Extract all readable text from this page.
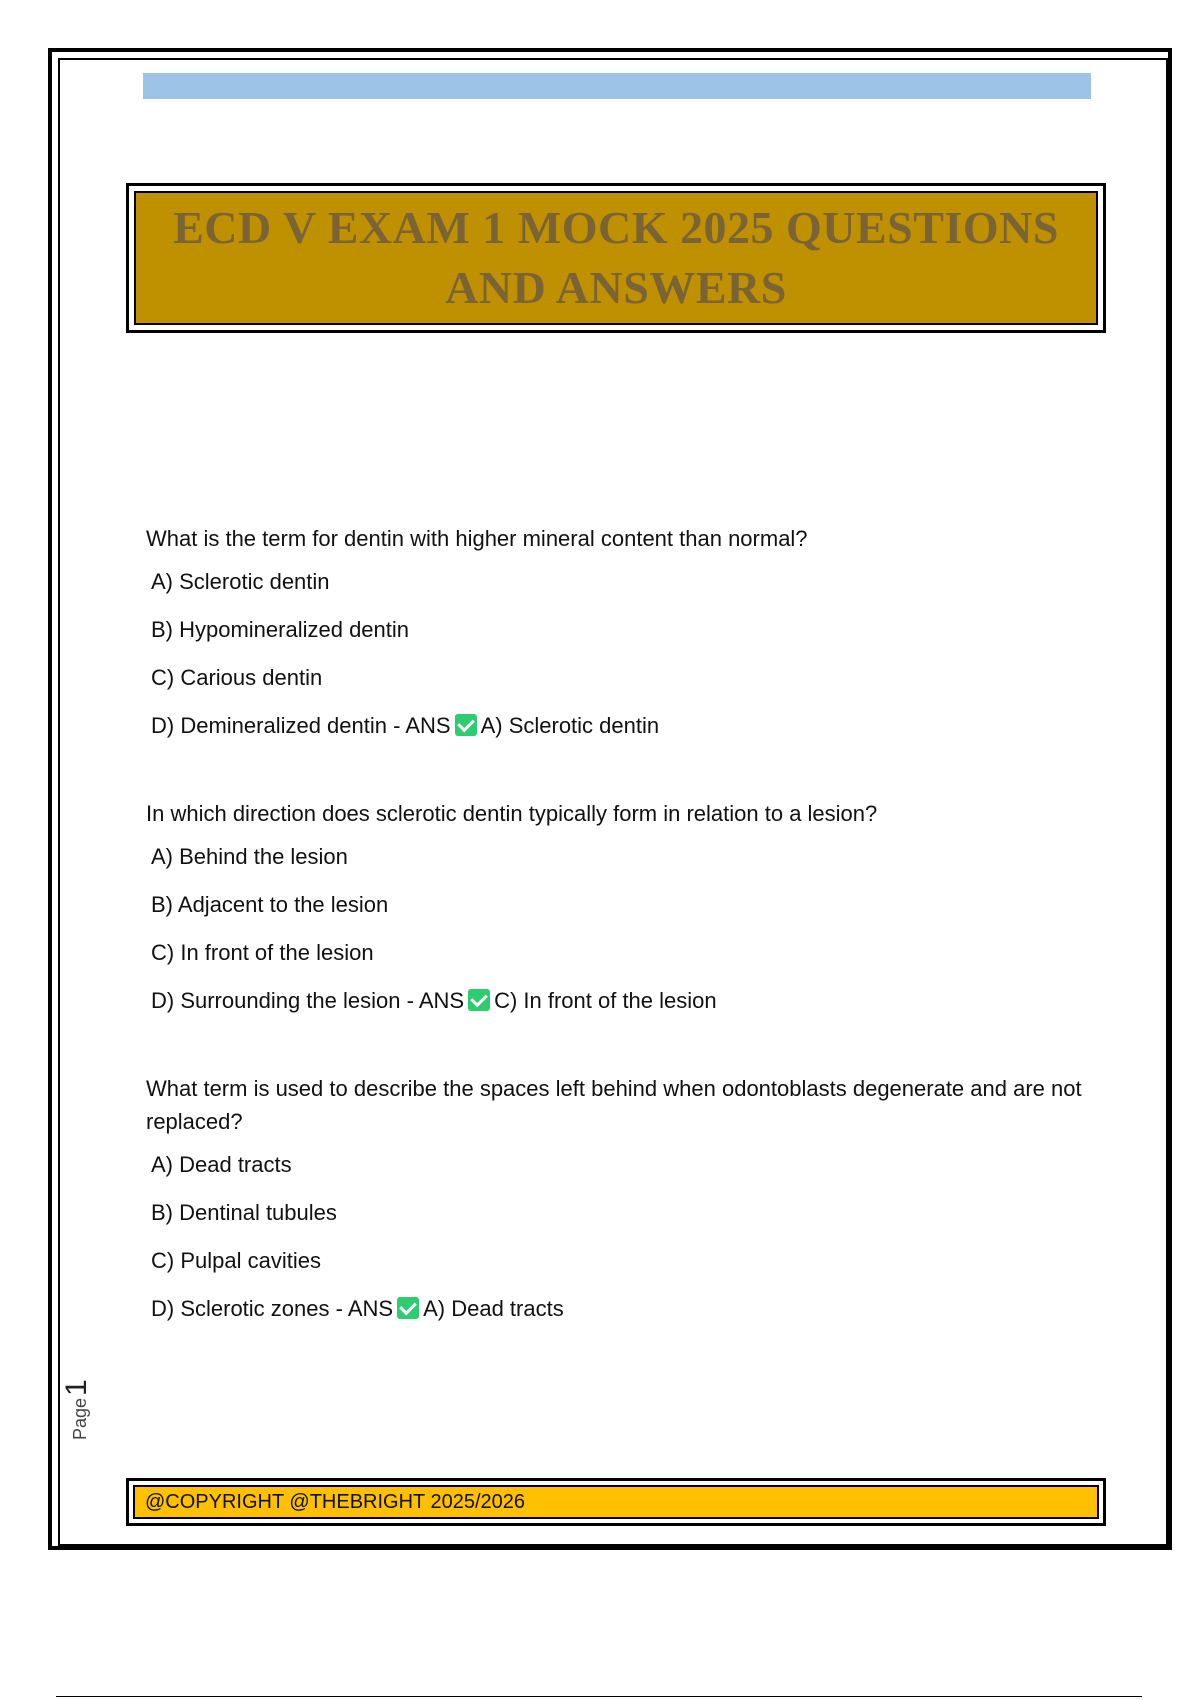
ECD V EXAM 1 MOCK 2025 QUESTIONS AND ANSWERS

What is the term for dentin with higher mineral content than normal?

A) Sclerotic dentin
B) Hypomineralized dentin
C) Carious dentin
D) Demineralized dentin - ANS A) Sclerotic dentin

In which direction does sclerotic dentin typically form in relation to a lesion?

A) Behind the lesion
B) Adjacent to the lesion
C) In front of the lesion
D) Surrounding the lesion - ANS C) In front of the lesion

What term is used to describe the spaces left behind when odontoblasts degenerate and are not replaced?

A) Dead tracts
B) Dentinal tubules
C) Pulpal cavities
D) Sclerotic zones - ANS A) Dead tracts
Page1
@COPYRIGHT @THEBRIGHT 2025/2026
